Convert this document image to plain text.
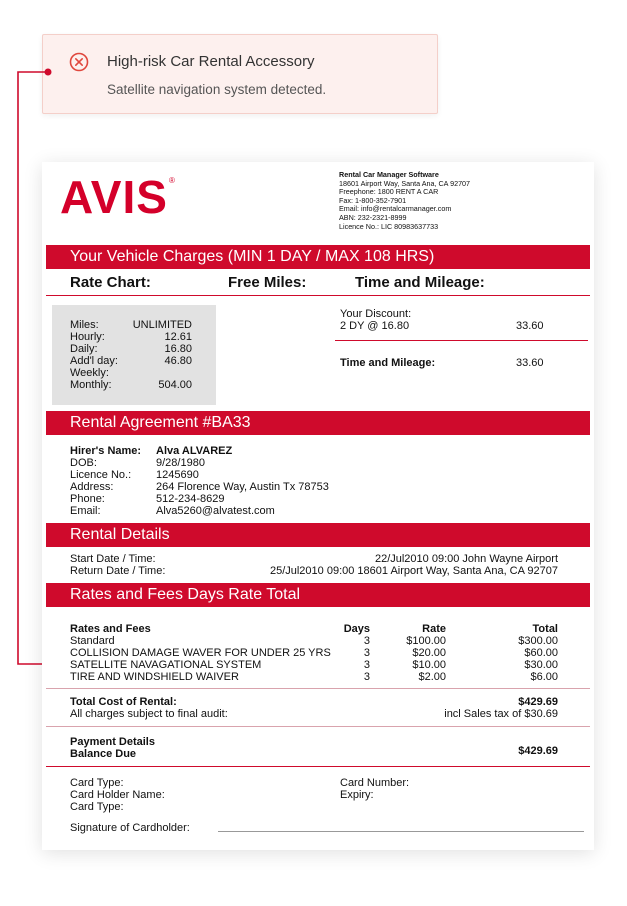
High-risk Car Rental Accessory
Satellite navigation system detected.
AVIS ®
Rental Car Manager Software
18601 Airport Way, Santa Ana, CA 92707
Freephone: 1800 RENT A CAR
Fax: 1-800-352-7901
Email: info@rentalcarmanager.com
ABN: 232-2321-8999
Licence No.: LIC 80983637733
Your Vehicle Charges (MIN 1 DAY / MAX 108 HRS)
Rate Chart:	Free Miles:	Time and Mileage:
Miles:	UNLIMITED
Hourly:	12.61
Daily:	16.80
Add'l day:	46.80
Weekly:
Monthly:	504.00
Your Discount:
2 DY @ 16.80	33.60
Time and Mileage:	33.60
Rental Agreement #BA33
Hirer's Name: Alva ALVAREZ
DOB:	9/28/1980
Licence No.: 1245690
Address:	264 Florence Way, Austin Tx 78753
Phone:	512-234-8629
Email:	Alva5260@alvatest.com
Rental Details
Start Date / Time:	22/Jul2010 09:00 John Wayne Airport
Return Date / Time:	25/Jul2010 09:00 18601 Airport Way, Santa Ana, CA 92707
Rates and Fees Days Rate Total
Rates and Fees	Days	Rate	Total
Standard	3	$100.00	$300.00
COLLISION DAMAGE WAVER FOR UNDER 25 YRS	3	$20.00	$60.00
SATELLITE NAVAGATIONAL SYSTEM	3	$10.00	$30.00
TIRE AND WINDSHIELD WAIVER	3	$2.00	$6.00
Total Cost of Rental:	$429.69
All charges subject to final audit:	incl Sales tax of $30.69
Payment Details
Balance Due	$429.69
Card Type:
Card Holder Name:
Card Type:
Card Number:
Expiry:
Signature of Cardholder:
